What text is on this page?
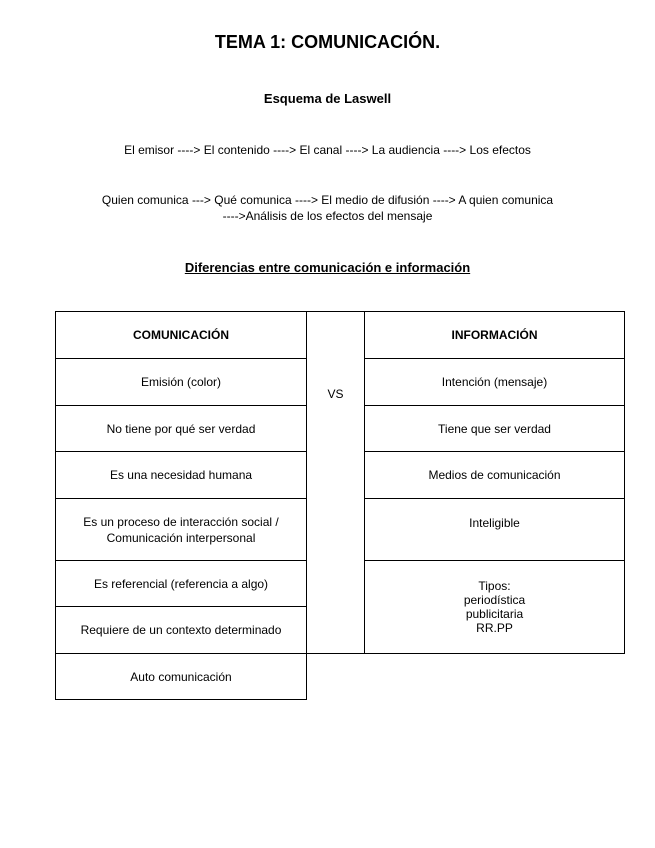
TEMA 1: COMUNICACIÓN.
Esquema de Laswell
El emisor ----> El contenido ----> El canal ----> La audiencia ----> Los efectos
Quien comunica ---> Qué comunica ----> El medio de difusión ----> A quien comunica
---->Análisis de los efectos del mensaje
Diferencias entre comunicación e información
COMUNICACIÓN
Emisión (color)
No tiene por qué ser verdad
Es una necesidad humana
Es un proceso de interacción social /
Comunicación interpersonal
Es referencial (referencia a algo)
Requiere de un contexto determinado
Auto comunicación
VS
INFORMACIÓN
Intención (mensaje)
Tiene que ser verdad
Medios de comunicación
Inteligible
Tipos:
periodística
publicitaria
RR.PP
